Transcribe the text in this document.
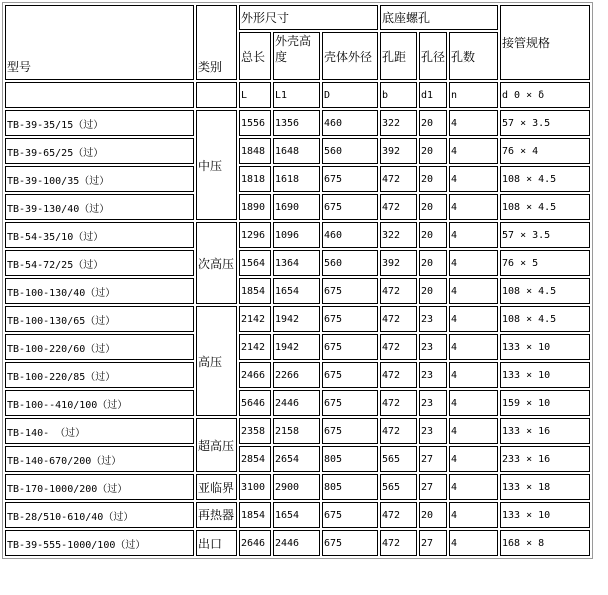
型号	类别	外形尺寸			底座螺孔			接管规格
		总长	外壳高度	壳体外径	孔距	孔径	孔数	
		L	L1	D	b	d1	n	d 0 × δ
TB-39-35/15（过）	中压	1556	1356	460	322	20	4	57 × 3.5
TB-39-65/25（过）		1848	1648	560	392	20	4	76 × 4
TB-39-100/35（过）		1818	1618	675	472	20	4	108 × 4.5
TB-39-130/40（过）		1890	1690	675	472	20	4	108 × 4.5
TB-54-35/10（过）	次高压	1296	1096	460	322	20	4	57 × 3.5
TB-54-72/25（过）		1564	1364	560	392	20	4	76 × 5
TB-100-130/40（过）		1854	1654	675	472	20	4	108 × 4.5
TB-100-130/65（过）	高压	2142	1942	675	472	23	4	108 × 4.5
TB-100-220/60（过）		2142	1942	675	472	23	4	133 × 10
TB-100-220/85（过）		2466	2266	675	472	23	4	133 × 10
TB-100--410/100（过）		5646	2446	675	472	23	4	159 × 10
TB-140- （过）	超高压	2358	2158	675	472	23	4	133 × 16
TB-140-670/200（过）		2854	2654	805	565	27	4	233 × 16
TB-170-1000/200（过）	亚临界	3100	2900	805	565	27	4	133 × 18
TB-28/510-610/40（过）	再热器	1854	1654	675	472	20	4	133 × 10
TB-39-555-1000/100（过）	出口	2646	2446	675	472	27	4	168 × 8
